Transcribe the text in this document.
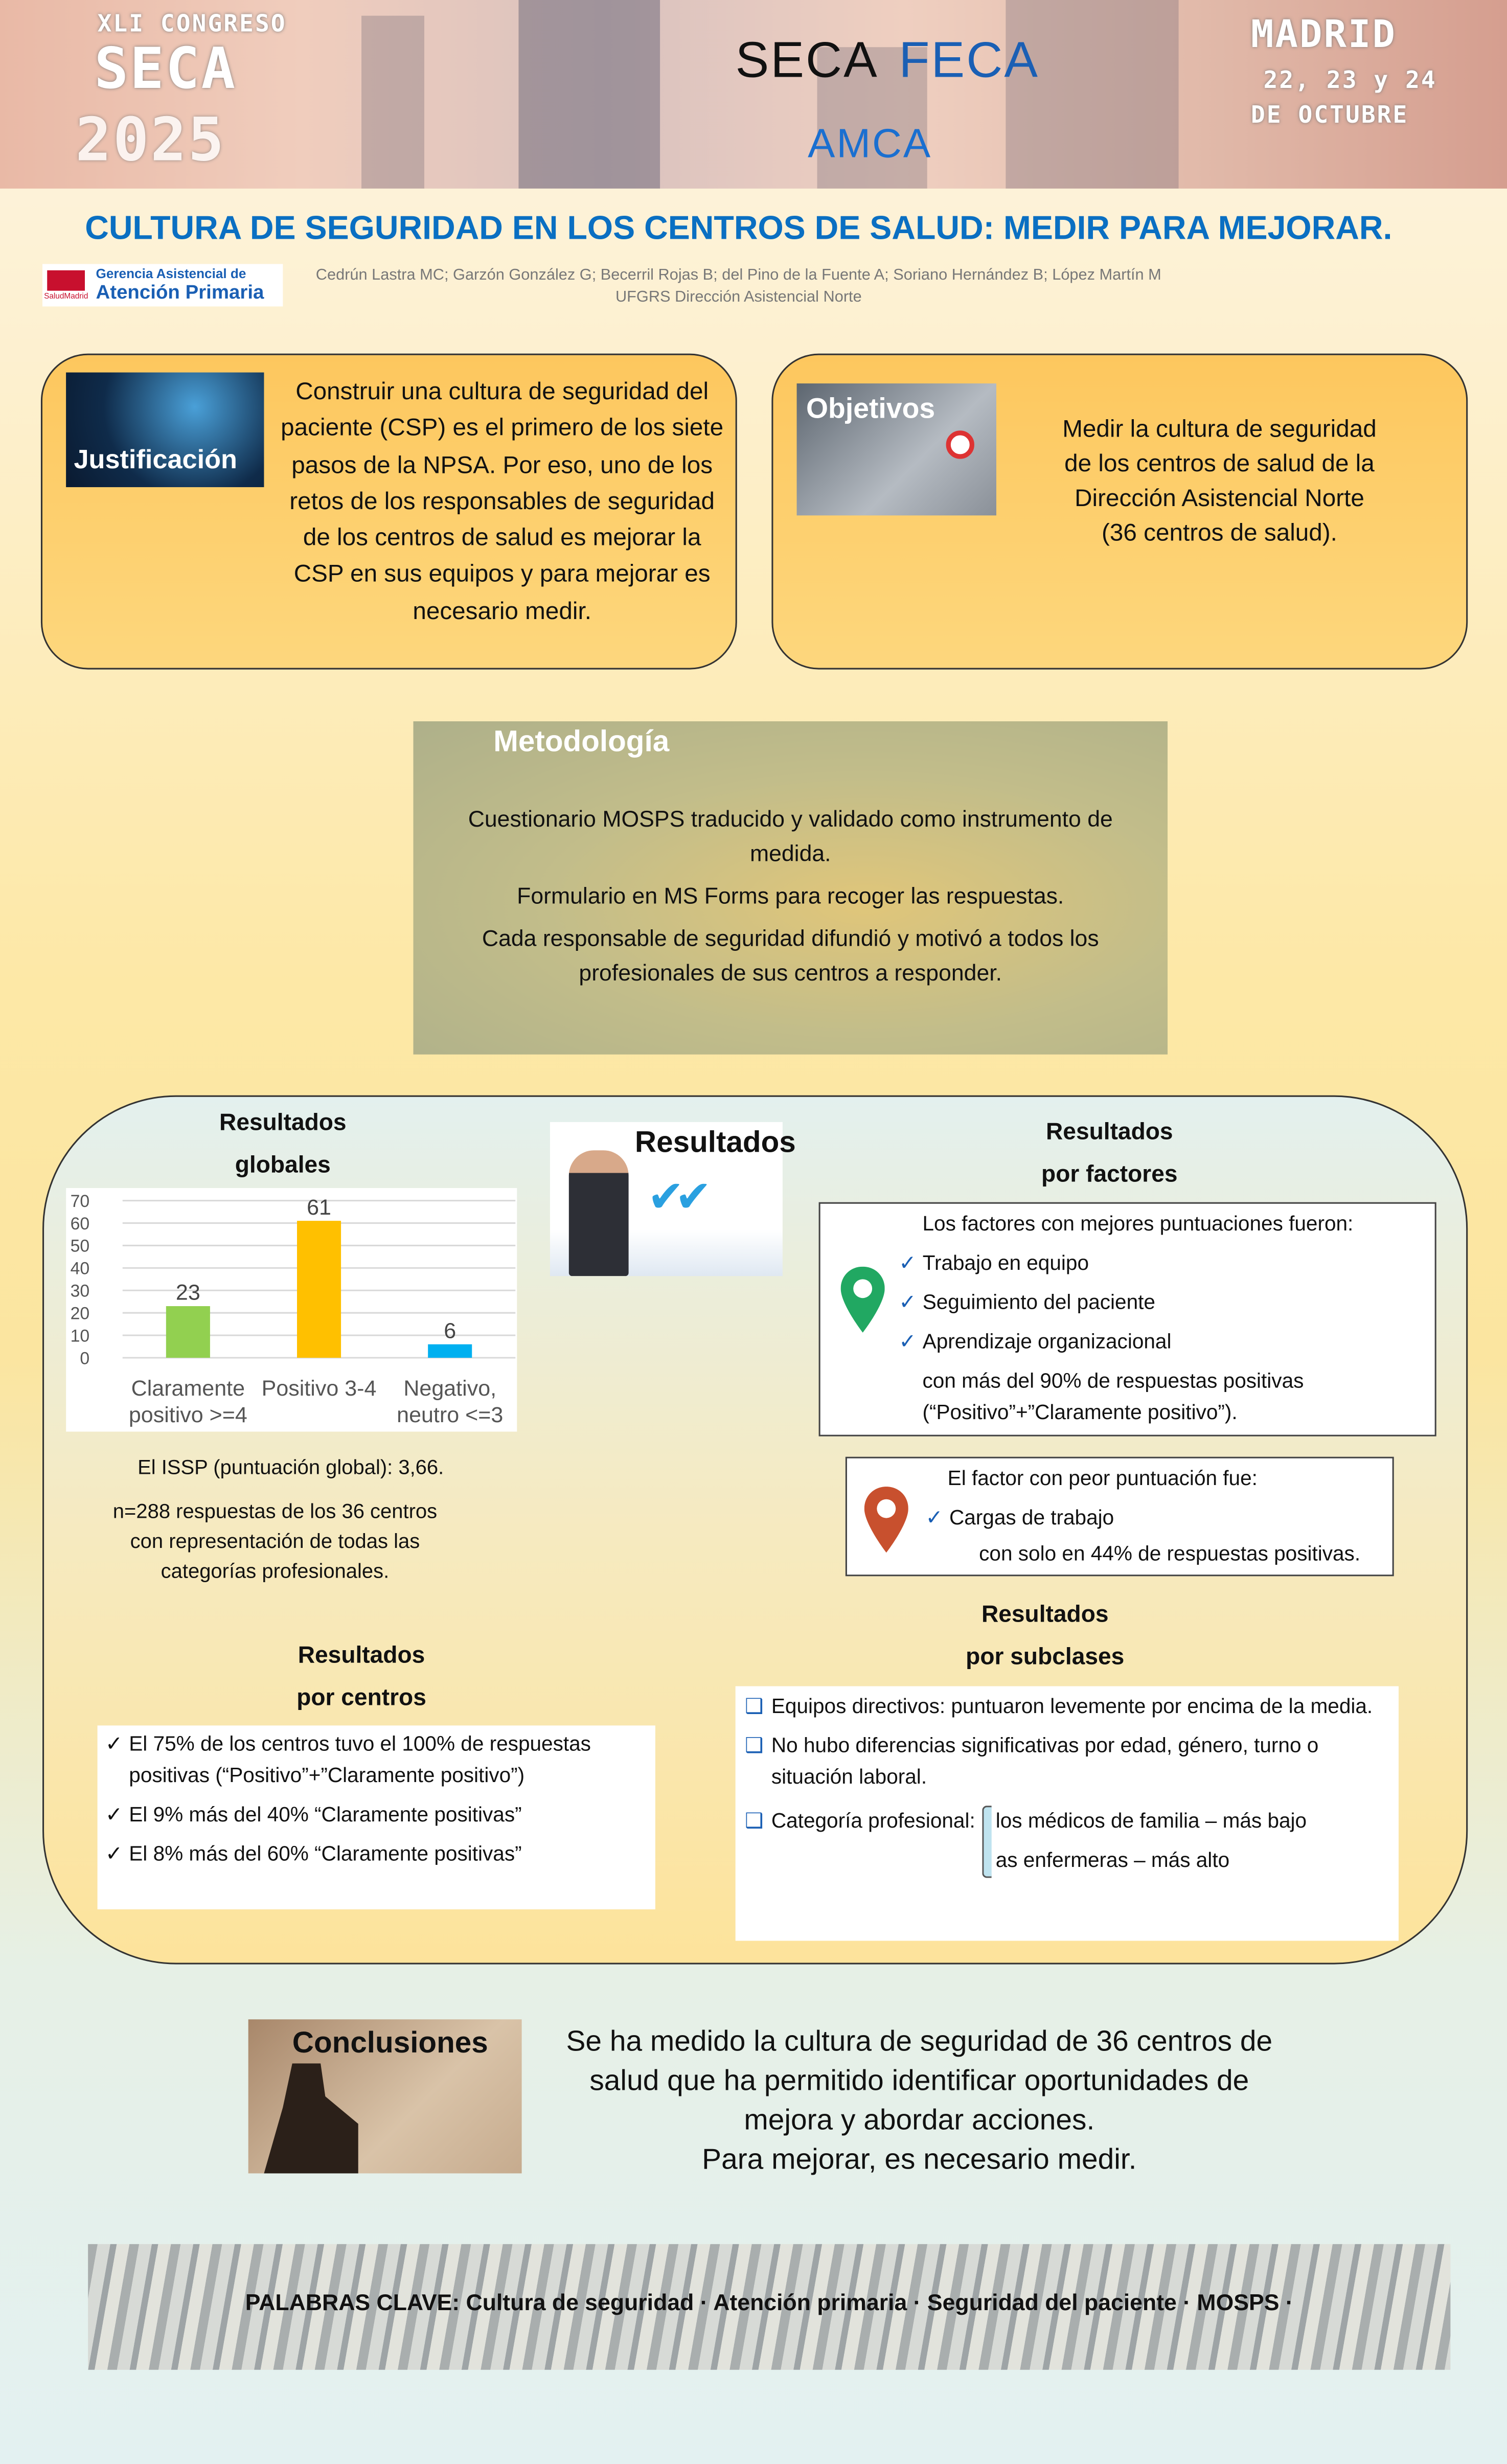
XLI CONGRESO
SECA
2025
SECA FECA
AMCA
MADRID
22, 23 y 24
DE OCTUBRE
CULTURA DE SEGURIDAD EN LOS CENTROS DE SALUD: MEDIR PARA MEJORAR.
SaludMadrid
Gerencia Asistencial de
Atención Primaria
Cedrún Lastra MC; Garzón González G; Becerril Rojas B; del Pino de la Fuente A; Soriano Hernández B; López Martín M
UFGRS Dirección Asistencial Norte
Justificación
Construir una cultura de seguridad del paciente (CSP) es el primero de los siete pasos de la NPSA. Por eso, uno de los retos de los responsables de seguridad de los centros de salud es mejorar la CSP en sus equipos y para mejorar es necesario medir.
Objetivos
Medir la cultura de seguridad de los centros de salud de la Dirección Asistencial Norte (36 centros de salud).
Metodología
Cuestionario MOSPS traducido y validado como instrumento de medida.
Formulario en MS Forms para recoger las respuestas.
Cada responsable de seguridad difundió y motivó a todos los profesionales de sus centros a responder.
Resultados
globales
0
10
20
30
40
50
60
70
23
61
6
Claramente positivo >=4
Positivo 3-4	Negativo, neutro <=3
El ISSP (puntuación global): 3,66.
n=288 respuestas de los 36 centros con representación de todas las categorías profesionales.
✔✔
Resultados	Resultados
por factores
Los factores con mejores puntuaciones fueron:
✓ Trabajo en equipo
✓ Seguimiento del paciente
✓ Aprendizaje organizacional
con más del 90% de respuestas positivas (“Positivo”+”Claramente positivo”).
El factor con peor puntuación fue:
✓ Cargas de trabajo
con solo en 44% de respuestas positivas.
Resultados
por subclases
❑ Equipos directivos: puntuaron levemente por encima de la media.
❑ No hubo diferencias significativas por edad, género, turno o situación laboral.
❑ Categoría profesional:	los médicos de familia – más bajo
as enfermeras – más alto
Resultados
por centros
✓ El 75% de los centros tuvo el 100% de respuestas positivas (“Positivo”+”Claramente positivo”)
✓ El 9% más del 40% “Claramente positivas”
✓ El 8% más del 60% “Claramente positivas”
Conclusiones	Se ha medido la cultura de seguridad de 36 centros de
salud que ha permitido identificar oportunidades de
mejora y abordar acciones.
Para mejorar, es necesario medir.
PALABRAS CLAVE: Cultura de seguridad · Atención primaria · Seguridad del paciente · MOSPS ·
